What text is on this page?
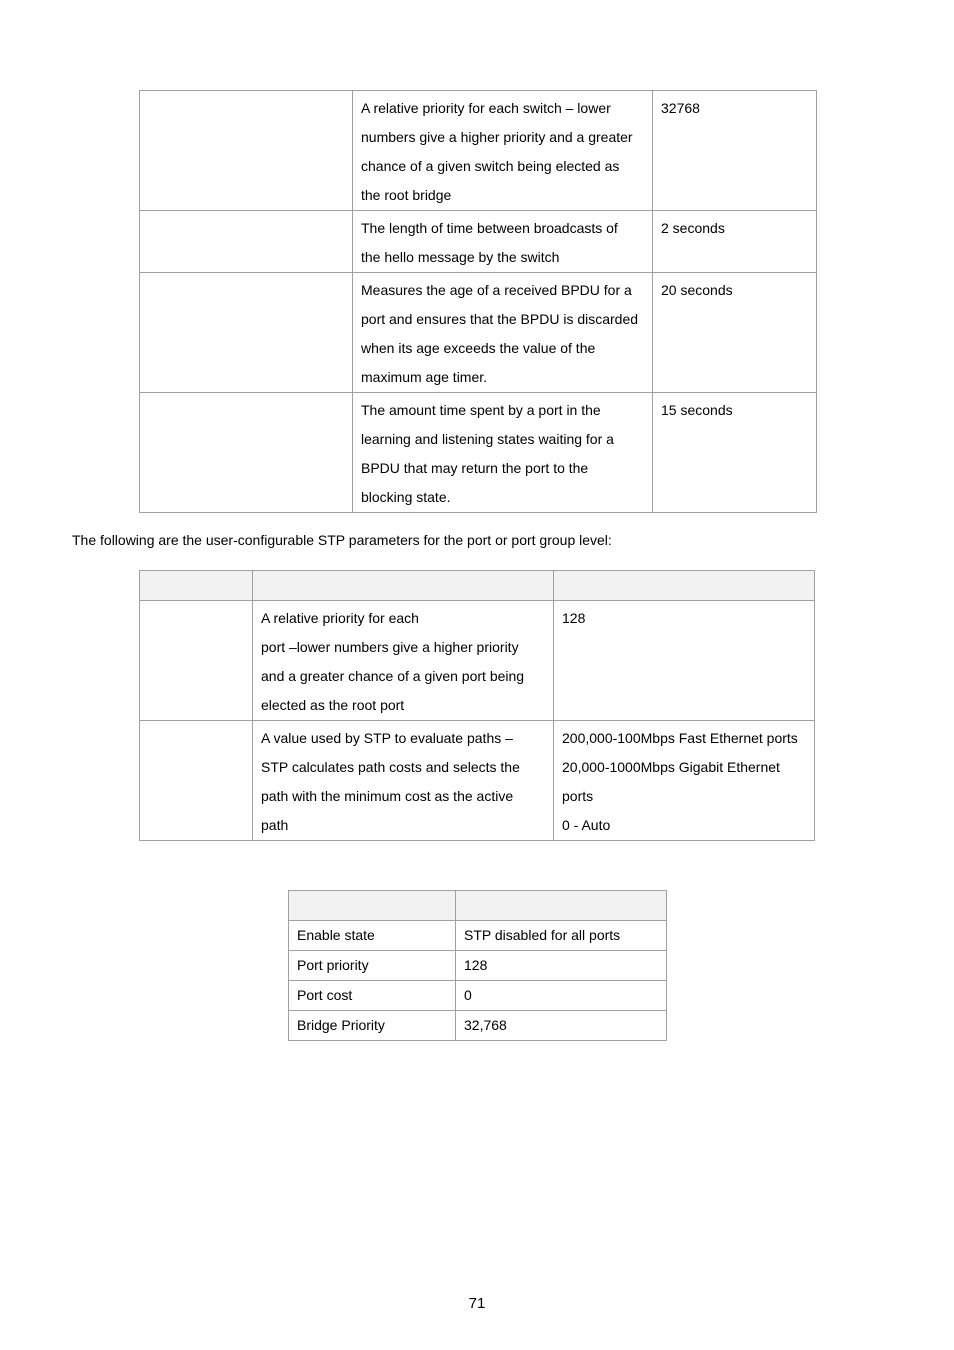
	A relative priority for each switch – lower
numbers give a higher priority and a greater
chance of a given switch being elected as
the root bridge	32768

	The length of time between broadcasts of
the hello message by the switch	2 seconds

	Measures the age of a received BPDU for a
port and ensures that the BPDU is discarded
when its age exceeds the value of the
maximum age timer.	20 seconds

	The amount time spent by a port in the
learning and listening states waiting for a
BPDU that may return the port to the
blocking state.	15 seconds
The following are the user-configurable STP parameters for the port or port group level:

	A relative priority for each
port –lower numbers give a higher priority
and a greater chance of a given port being
elected as the root port	128

	A value used by STP to evaluate paths –
STP calculates path costs and selects the
path with the minimum cost as the active
path	200,000-100Mbps Fast Ethernet ports
20,000-1000Mbps Gigabit Ethernet
ports
0 - Auto

Enable state	STP disabled for all ports
Port priority	128
Port cost	0
Bridge Priority	32,768
71
